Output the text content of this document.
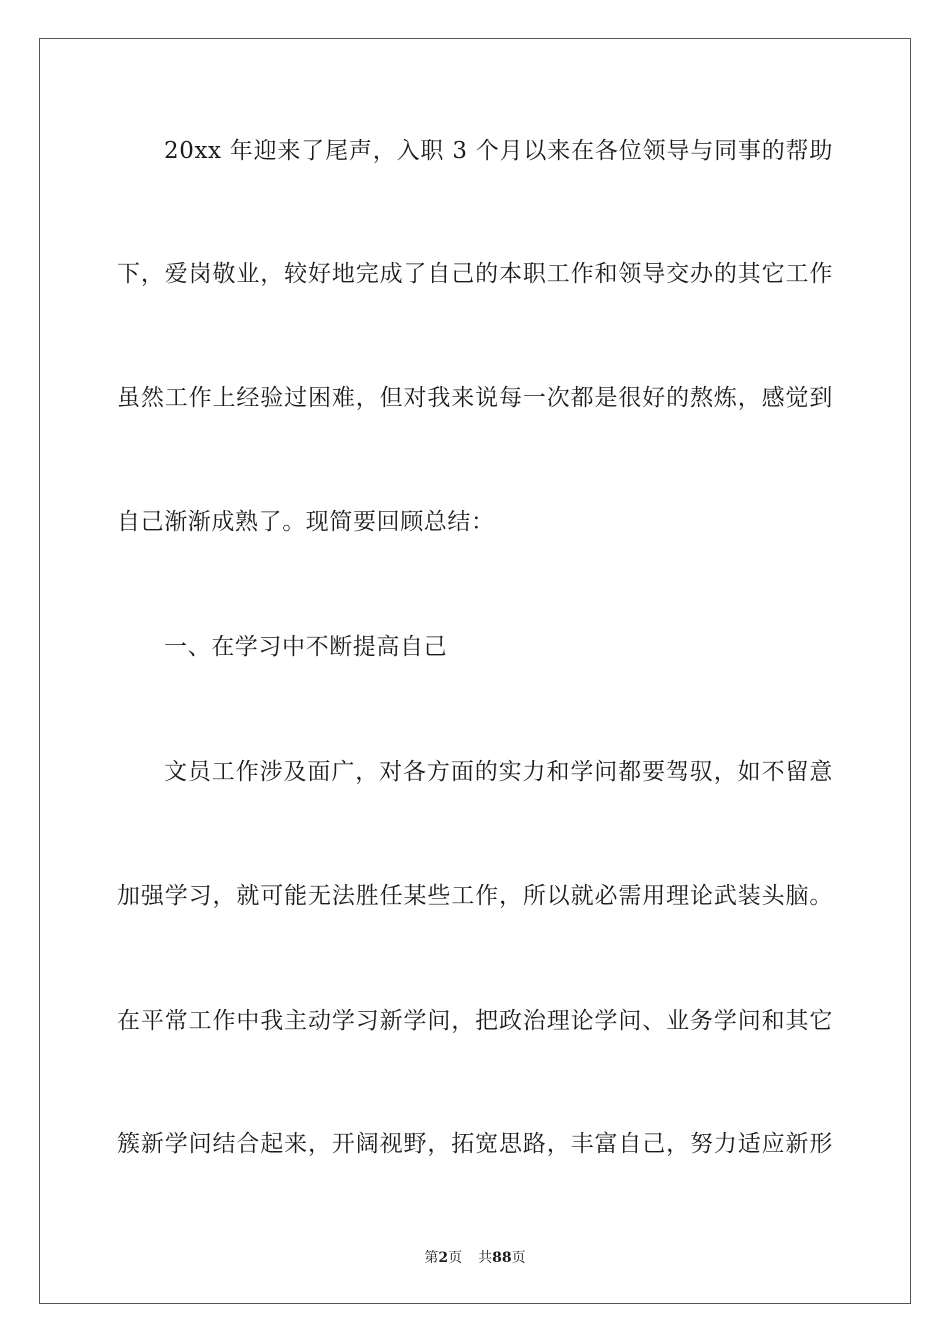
20xx 年迎来了尾声，入职 3 个月以来在各位领导与同事的帮助
下，爱岗敬业，较好地完成了自己的本职工作和领导交办的其它工作
虽然工作上经验过困难，但对我来说每一次都是很好的熬炼，感觉到
自己渐渐成熟了。现简要回顾总结：
一、在学习中不断提高自己
文员工作涉及面广，对各方面的实力和学问都要驾驭，如不留意
加强学习，就可能无法胜任某些工作，所以就必需用理论武装头脑。
在平常工作中我主动学习新学问，把政治理论学问、业务学问和其它
簇新学问结合起来，开阔视野，拓宽思路，丰富自己，努力适应新形
第2页 共88页
